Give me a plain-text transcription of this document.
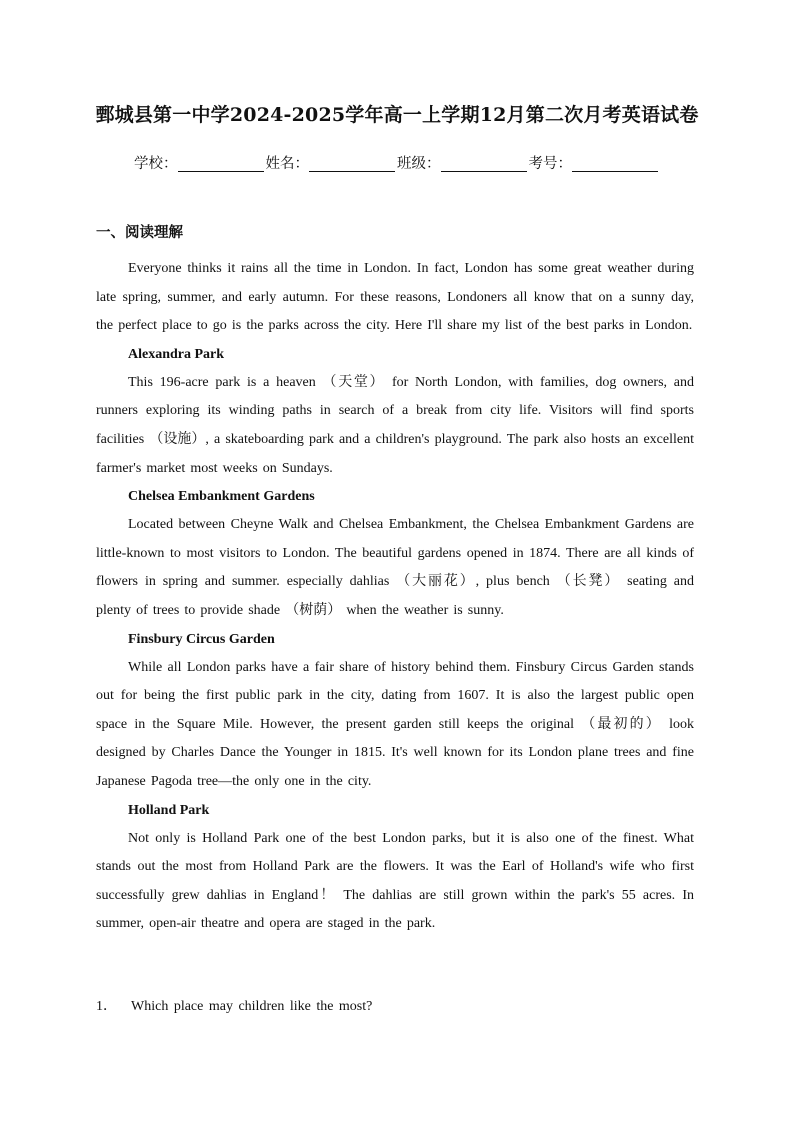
鄄城县第一中学2024-2025学年高一上学期12月第二次月考英语试卷
学校：	姓名：	班级：	考号：
一、阅读理解

Everyone thinks it rains all the time in London. In fact, London has some great weather during late spring, summer, and early autumn. For these reasons, Londoners all know that on a sunny day, the perfect place to go is the parks across the city. Here I'll share my list of the best parks in London.

Alexandra Park

This 196-acre park is a heaven （天堂） for North London, with families, dog owners, and runners exploring its winding paths in search of a break from city life. Visitors will find sports facilities （设施）, a skateboarding park and a children's playground. The park also hosts an excellent farmer's market most weeks on Sundays.

Chelsea Embankment Gardens

Located between Cheyne Walk and Chelsea Embankment, the Chelsea Embankment Gardens are little-known to most visitors to London. The beautiful gardens opened in 1874. There are all kinds of flowers in spring and summer. especially dahlias （大丽花）, plus bench （长凳） seating and plenty of trees to provide shade （树荫） when the weather is sunny.

Finsbury Circus Garden

While all London parks have a fair share of history behind them. Finsbury Circus Garden stands out for being the first public park in the city, dating from 1607. It is also the largest public open space in the Square Mile. However, the present garden still keeps the original （最初的） look designed by Charles Dance the Younger in 1815. It's well known for its London plane trees and fine Japanese Pagoda tree—the only one in the city.

Holland Park

Not only is Holland Park one of the best London parks, but it is also one of the finest. What stands out the most from Holland Park are the flowers. It was the Earl of Holland's wife who first successfully grew dahlias in England！ The dahlias are still grown within the park's 55 acres. In summer, open-air theatre and opera are staged in the park.

1． Which place may children like the most?
